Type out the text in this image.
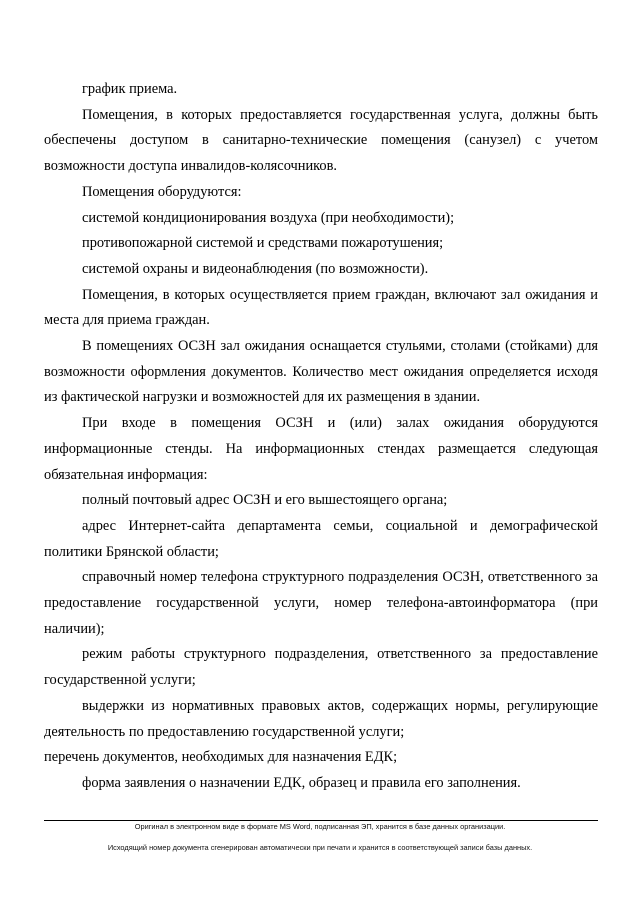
график приема.

Помещения, в которых предоставляется государственная услуга, должны быть обеспечены доступом в санитарно-технические помещения (санузел) с учетом возможности доступа инвалидов-колясочников.

Помещения оборудуются:

системой кондиционирования воздуха (при необходимости);

противопожарной системой и средствами пожаротушения;

системой охраны и видеонаблюдения (по возможности).

Помещения, в которых осуществляется прием граждан, включают зал ожидания и места для приема граждан.

В помещениях ОСЗН зал ожидания оснащается стульями, столами (стойками) для возможности оформления документов. Количество мест ожидания определяется исходя из фактической нагрузки и возможностей для их размещения в здании.

При входе в помещения ОСЗН и (или) залах ожидания оборудуются информационные стенды. На информационных стендах размещается следующая обязательная информация:

полный почтовый адрес ОСЗН и его вышестоящего органа;

адрес Интернет-сайта департамента семьи, социальной и демографической политики Брянской области;

справочный номер телефона структурного подразделения ОСЗН, ответственного за предоставление государственной услуги, номер телефона-автоинформатора (при наличии);

режим работы структурного подразделения, ответственного за предоставление государственной услуги;

выдержки из нормативных правовых актов, содержащих нормы, регулирующие деятельность по предоставлению государственной услуги;

перечень документов, необходимых для назначения ЕДК;

форма заявления о назначении ЕДК, образец и правила его заполнения.

Оригинал в электронном виде в формате MS Word, подписанная ЭП, хранится в базе данных организации.
Исходящий номер документа сгенерирован автоматически при печати и хранится в соответствующей записи базы данных.
